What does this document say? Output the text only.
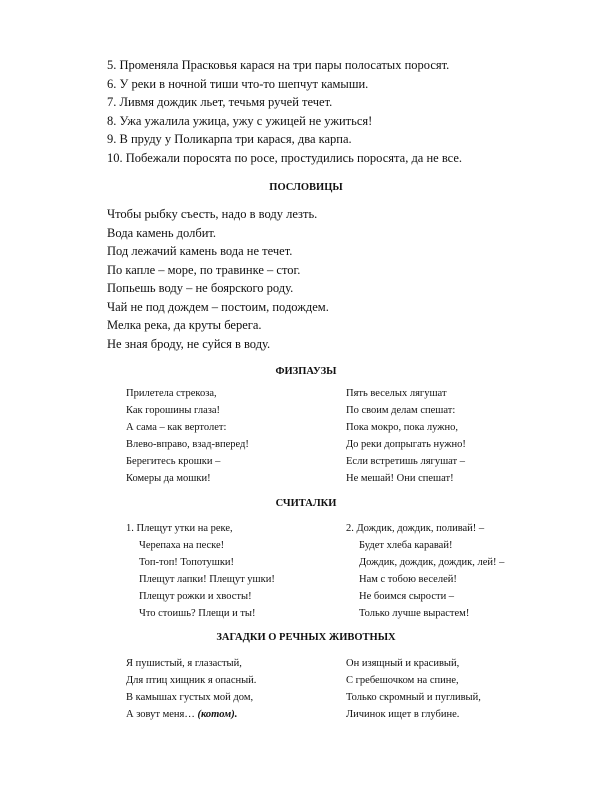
5. Променяла Прасковья карася на три пары полосатых поросят.
6. У реки в ночной тиши что-то шепчут камыши.
7. Ливмя дождик льет, течьмя ручей течет.
8. Ужа ужалила ужица, ужу с ужицей не ужиться!
9. В пруду у Поликарпа три карася, два карпа.
10. Побежали поросята по росе, простудились поросята, да не все.
ПОСЛОВИЦЫ
Чтобы рыбку съесть, надо в воду лезть.
Вода камень долбит.
Под лежачий камень вода не течет.
По капле – море, по травинке – стог.
Попьешь воду – не боярского роду.
Чай не под дождем – постоим, подождем.
Мелка река, да круты берега.
Не зная броду, не суйся в воду.
ФИЗПАУЗЫ
Прилетела стрекоза,
Как горошины глаза!
А сама – как вертолет:
Влево-вправо, взад-вперед!
Берегитесь крошки –
Комеры да мошки!
Пять веселых лягушат
По своим делам спешат:
Пока мокро, пока лужно,
До реки допрыгать нужно!
Если встретишь лягушат –
Не мешай! Они спешат!
СЧИТАЛКИ
1. Плещут утки на реке,
Черепаха на песке!
Топ-топ! Топотушки!
Плещут лапки! Плещут ушки!
Плещут рожки и хвосты!
Что стоишь? Плещи и ты!
2. Дождик, дождик, поливай! –
Будет хлеба каравай!
Дождик, дождик, дождик, лей! –
Нам с тобою веселей!
Не боимся сырости –
Только лучше вырастем!
ЗАГАДКИ О РЕЧНЫХ ЖИВОТНЫХ
Я пушистый, я глазастый,
Для птиц хищник я опасный.
В камышах густых мой дом,
А зовут меня… (котом).
Он изящный и красивый,
С гребешочком на спине,
Только скромный и пугливый,
Личинок ищет в глубине.
